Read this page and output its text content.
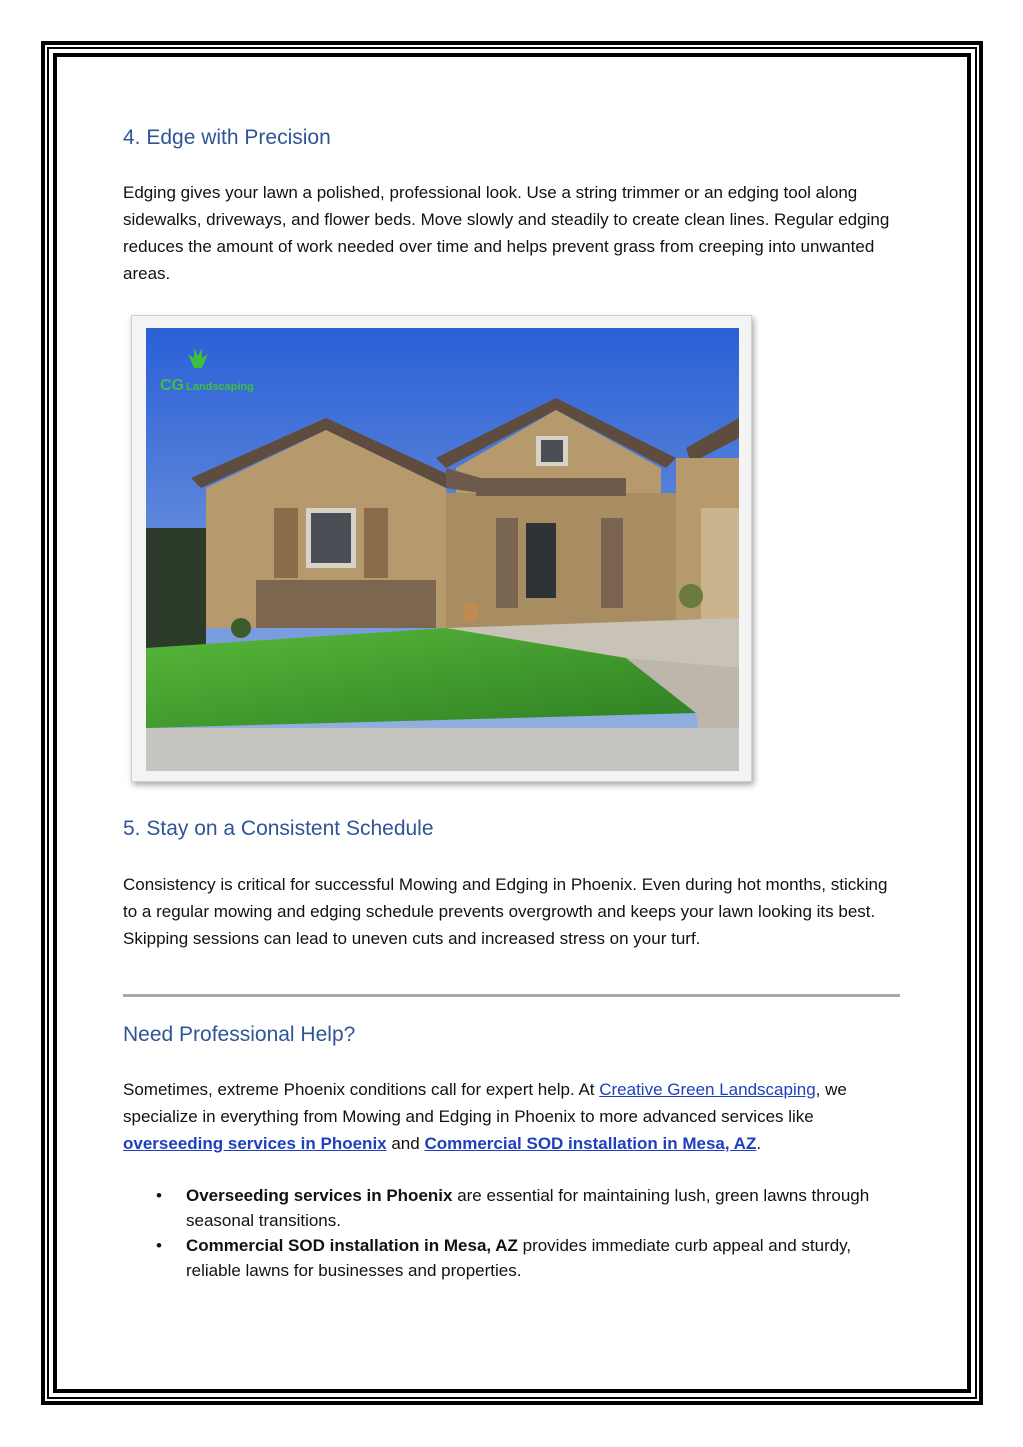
4. Edge with Precision

Edging gives your lawn a polished, professional look. Use a string trimmer or an edging tool along sidewalks, driveways, and flower beds. Move slowly and steadily to create clean lines. Regular edging reduces the amount of work needed over time and helps prevent grass from creeping into unwanted areas.

5. Stay on a Consistent Schedule

Consistency is critical for successful Mowing and Edging in Phoenix. Even during hot months, sticking to a regular mowing and edging schedule prevents overgrowth and keeps your lawn looking its best. Skipping sessions can lead to uneven cuts and increased stress on your turf.

Need Professional Help?

Sometimes, extreme Phoenix conditions call for expert help. At Creative Green Landscaping, we specialize in everything from Mowing and Edging in Phoenix to more advanced services like overseeding services in Phoenix and Commercial SOD installation in Mesa, AZ.

CG Landscaping
• Overseeding services in Phoenix are essential for maintaining lush, green lawns through seasonal transitions.
• Commercial SOD installation in Mesa, AZ provides immediate curb appeal and sturdy, reliable lawns for businesses and properties.
